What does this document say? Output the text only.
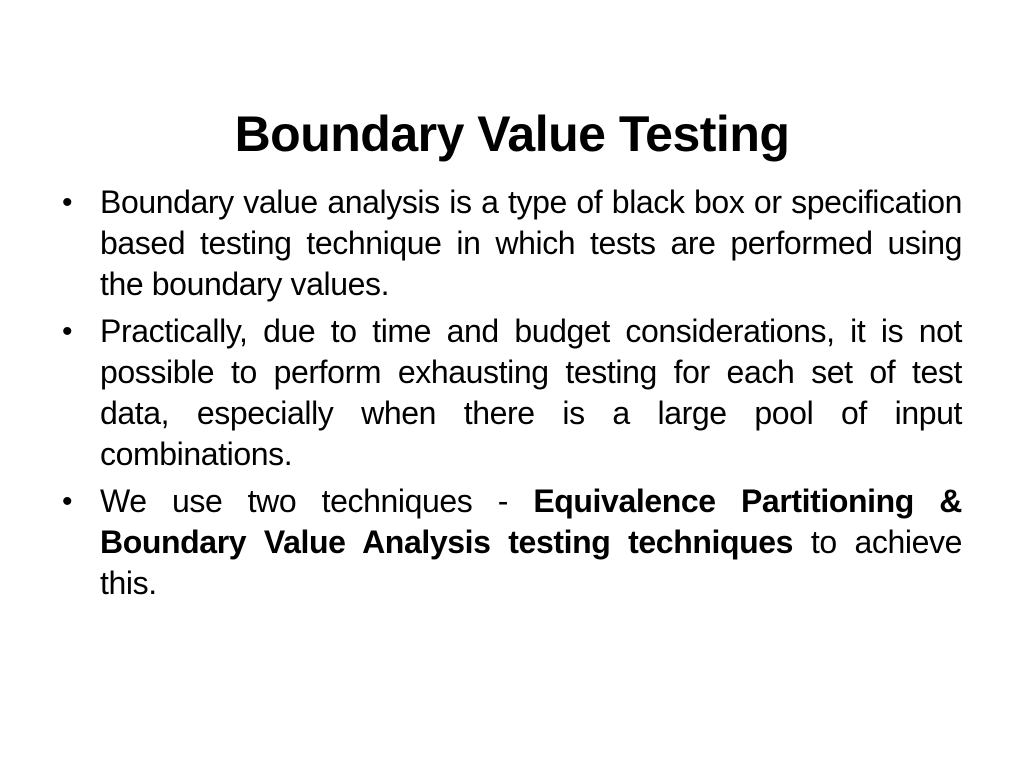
Boundary Value Testing
• Boundary value analysis is a type of black box or specification based testing technique in which tests are performed using the boundary values.
• Practically, due to time and budget considerations, it is not possible to perform exhausting testing for each set of test data, especially when there is a large pool of input combinations.
• We use two techniques - Equivalence Partitioning & Boundary Value Analysis testing techniques to achieve this.
